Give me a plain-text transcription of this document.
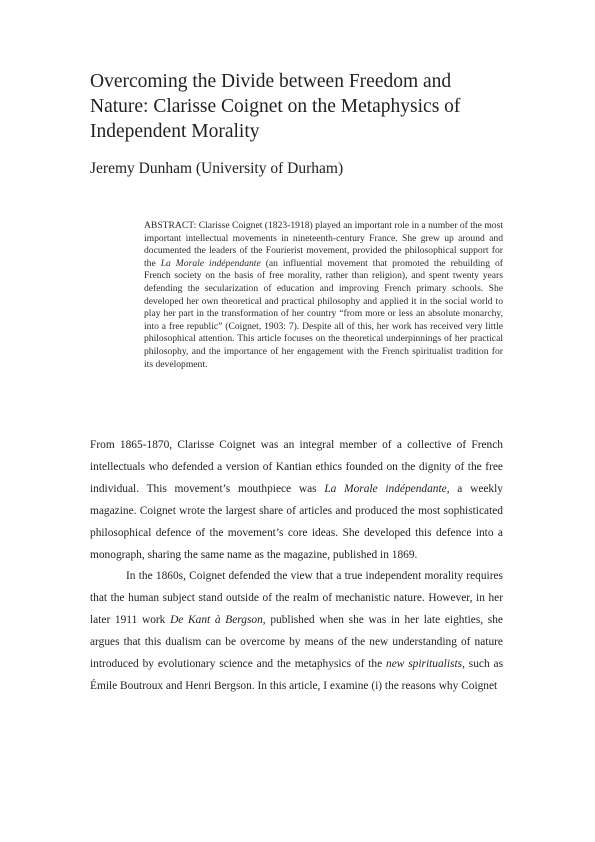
Overcoming the Divide between Freedom and Nature: Clarisse Coignet on the Metaphysics of Independent Morality
Jeremy Dunham (University of Durham)
ABSTRACT: Clarisse Coignet (1823-1918) played an important role in a number of the most important intellectual movements in nineteenth-century France. She grew up around and documented the leaders of the Fourierist movement, provided the philosophical support for the La Morale indépendante (an influential movement that promoted the rebuilding of French society on the basis of free morality, rather than religion), and spent twenty years defending the secularization of education and improving French primary schools. She developed her own theoretical and practical philosophy and applied it in the social world to play her part in the transformation of her country “from more or less an absolute monarchy, into a free republic” (Coignet, 1903: 7). Despite all of this, her work has received very little philosophical attention. This article focuses on the theoretical underpinnings of her practical philosophy, and the importance of her engagement with the French spiritualist tradition for its development.

From 1865-1870, Clarisse Coignet was an integral member of a collective of French intellectuals who defended a version of Kantian ethics founded on the dignity of the free individual. This movement’s mouthpiece was La Morale indépendante, a weekly magazine. Coignet wrote the largest share of articles and produced the most sophisticated philosophical defence of the movement’s core ideas. She developed this defence into a monograph, sharing the same name as the magazine, published in 1869.

In the 1860s, Coignet defended the view that a true independent morality requires that the human subject stand outside of the realm of mechanistic nature. However, in her later 1911 work De Kant à Bergson, published when she was in her late eighties, she argues that this dualism can be overcome by means of the new understanding of nature introduced by evolutionary science and the metaphysics of the new spiritualists, such as Émile Boutroux and Henri Bergson. In this article, I examine (i) the reasons why Coignet
